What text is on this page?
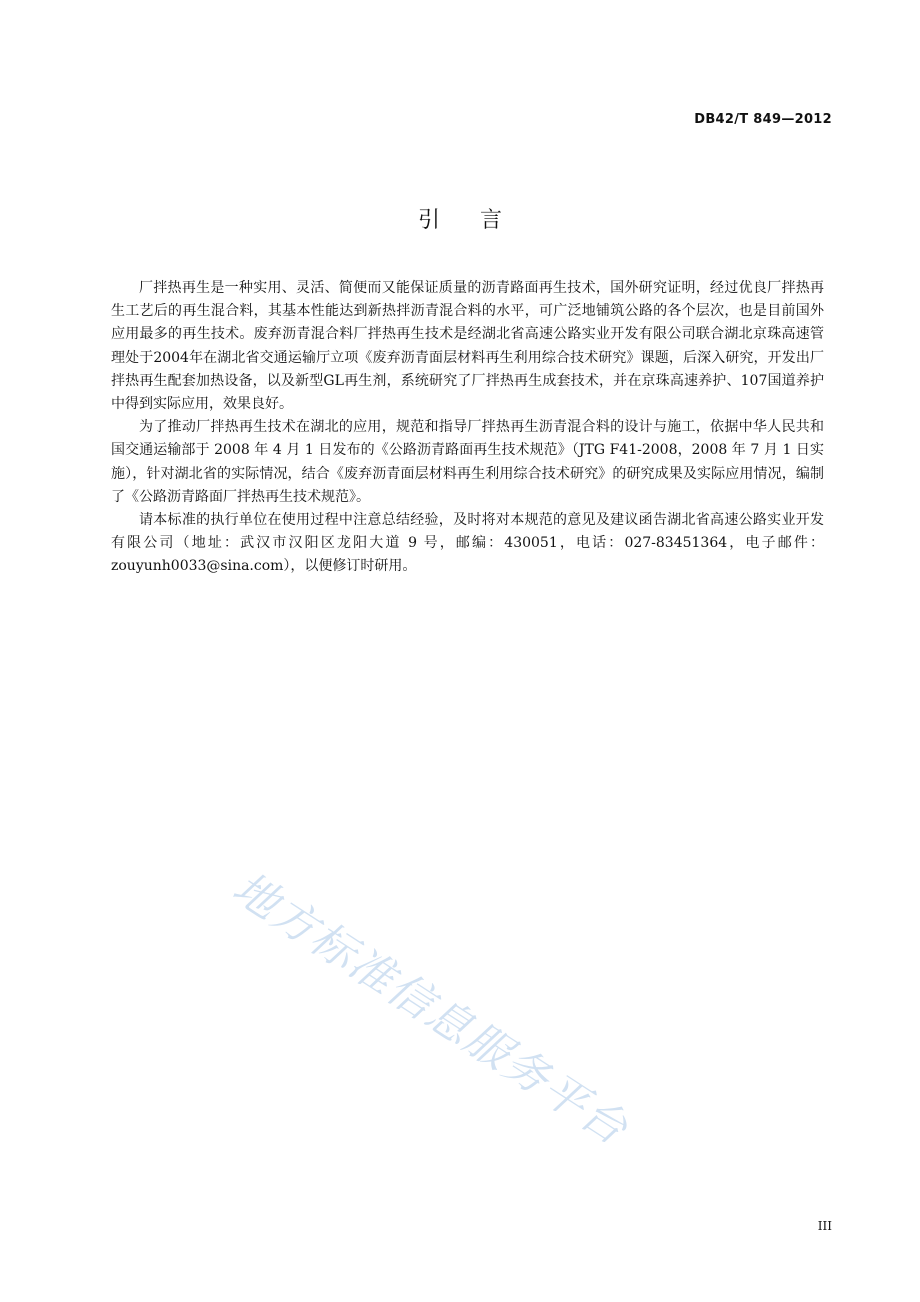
DB42/T 849—2012
引言

厂拌热再生是一种实用、灵活、简便而又能保证质量的沥青路面再生技术，国外研究证明，经过优良厂拌热再生工艺后的再生混合料，其基本性能达到新热拌沥青混合料的水平，可广泛地铺筑公路的各个层次，也是目前国外应用最多的再生技术。废弃沥青混合料厂拌热再生技术是经湖北省高速公路实业开发有限公司联合湖北京珠高速管理处于2004年在湖北省交通运输厅立项《废弃沥青面层材料再生利用综合技术研究》课题，后深入研究，开发出厂拌热再生配套加热设备，以及新型GL再生剂，系统研究了厂拌热再生成套技术，并在京珠高速养护、107国道养护中得到实际应用，效果良好。

为了推动厂拌热再生技术在湖北的应用，规范和指导厂拌热再生沥青混合料的设计与施工，依据中华人民共和国交通运输部于 2008 年 4 月 1 日发布的《公路沥青路面再生技术规范》（JTG F41-2008，2008 年 7 月 1 日实施），针对湖北省的实际情况，结合《废弃沥青面层材料再生利用综合技术研究》的研究成果及实际应用情况，编制了《公路沥青路面厂拌热再生技术规范》。

请本标准的执行单位在使用过程中注意总结经验，及时将对本规范的意见及建议函告湖北省高速公路实业开发有限公司（地址：武汉市汉阳区龙阳大道 9 号，邮编：430051，电话：027-83451364，电子邮件：zouyunh0033@sina.com），以便修订时研用。

地方标准信息服务平台
III
